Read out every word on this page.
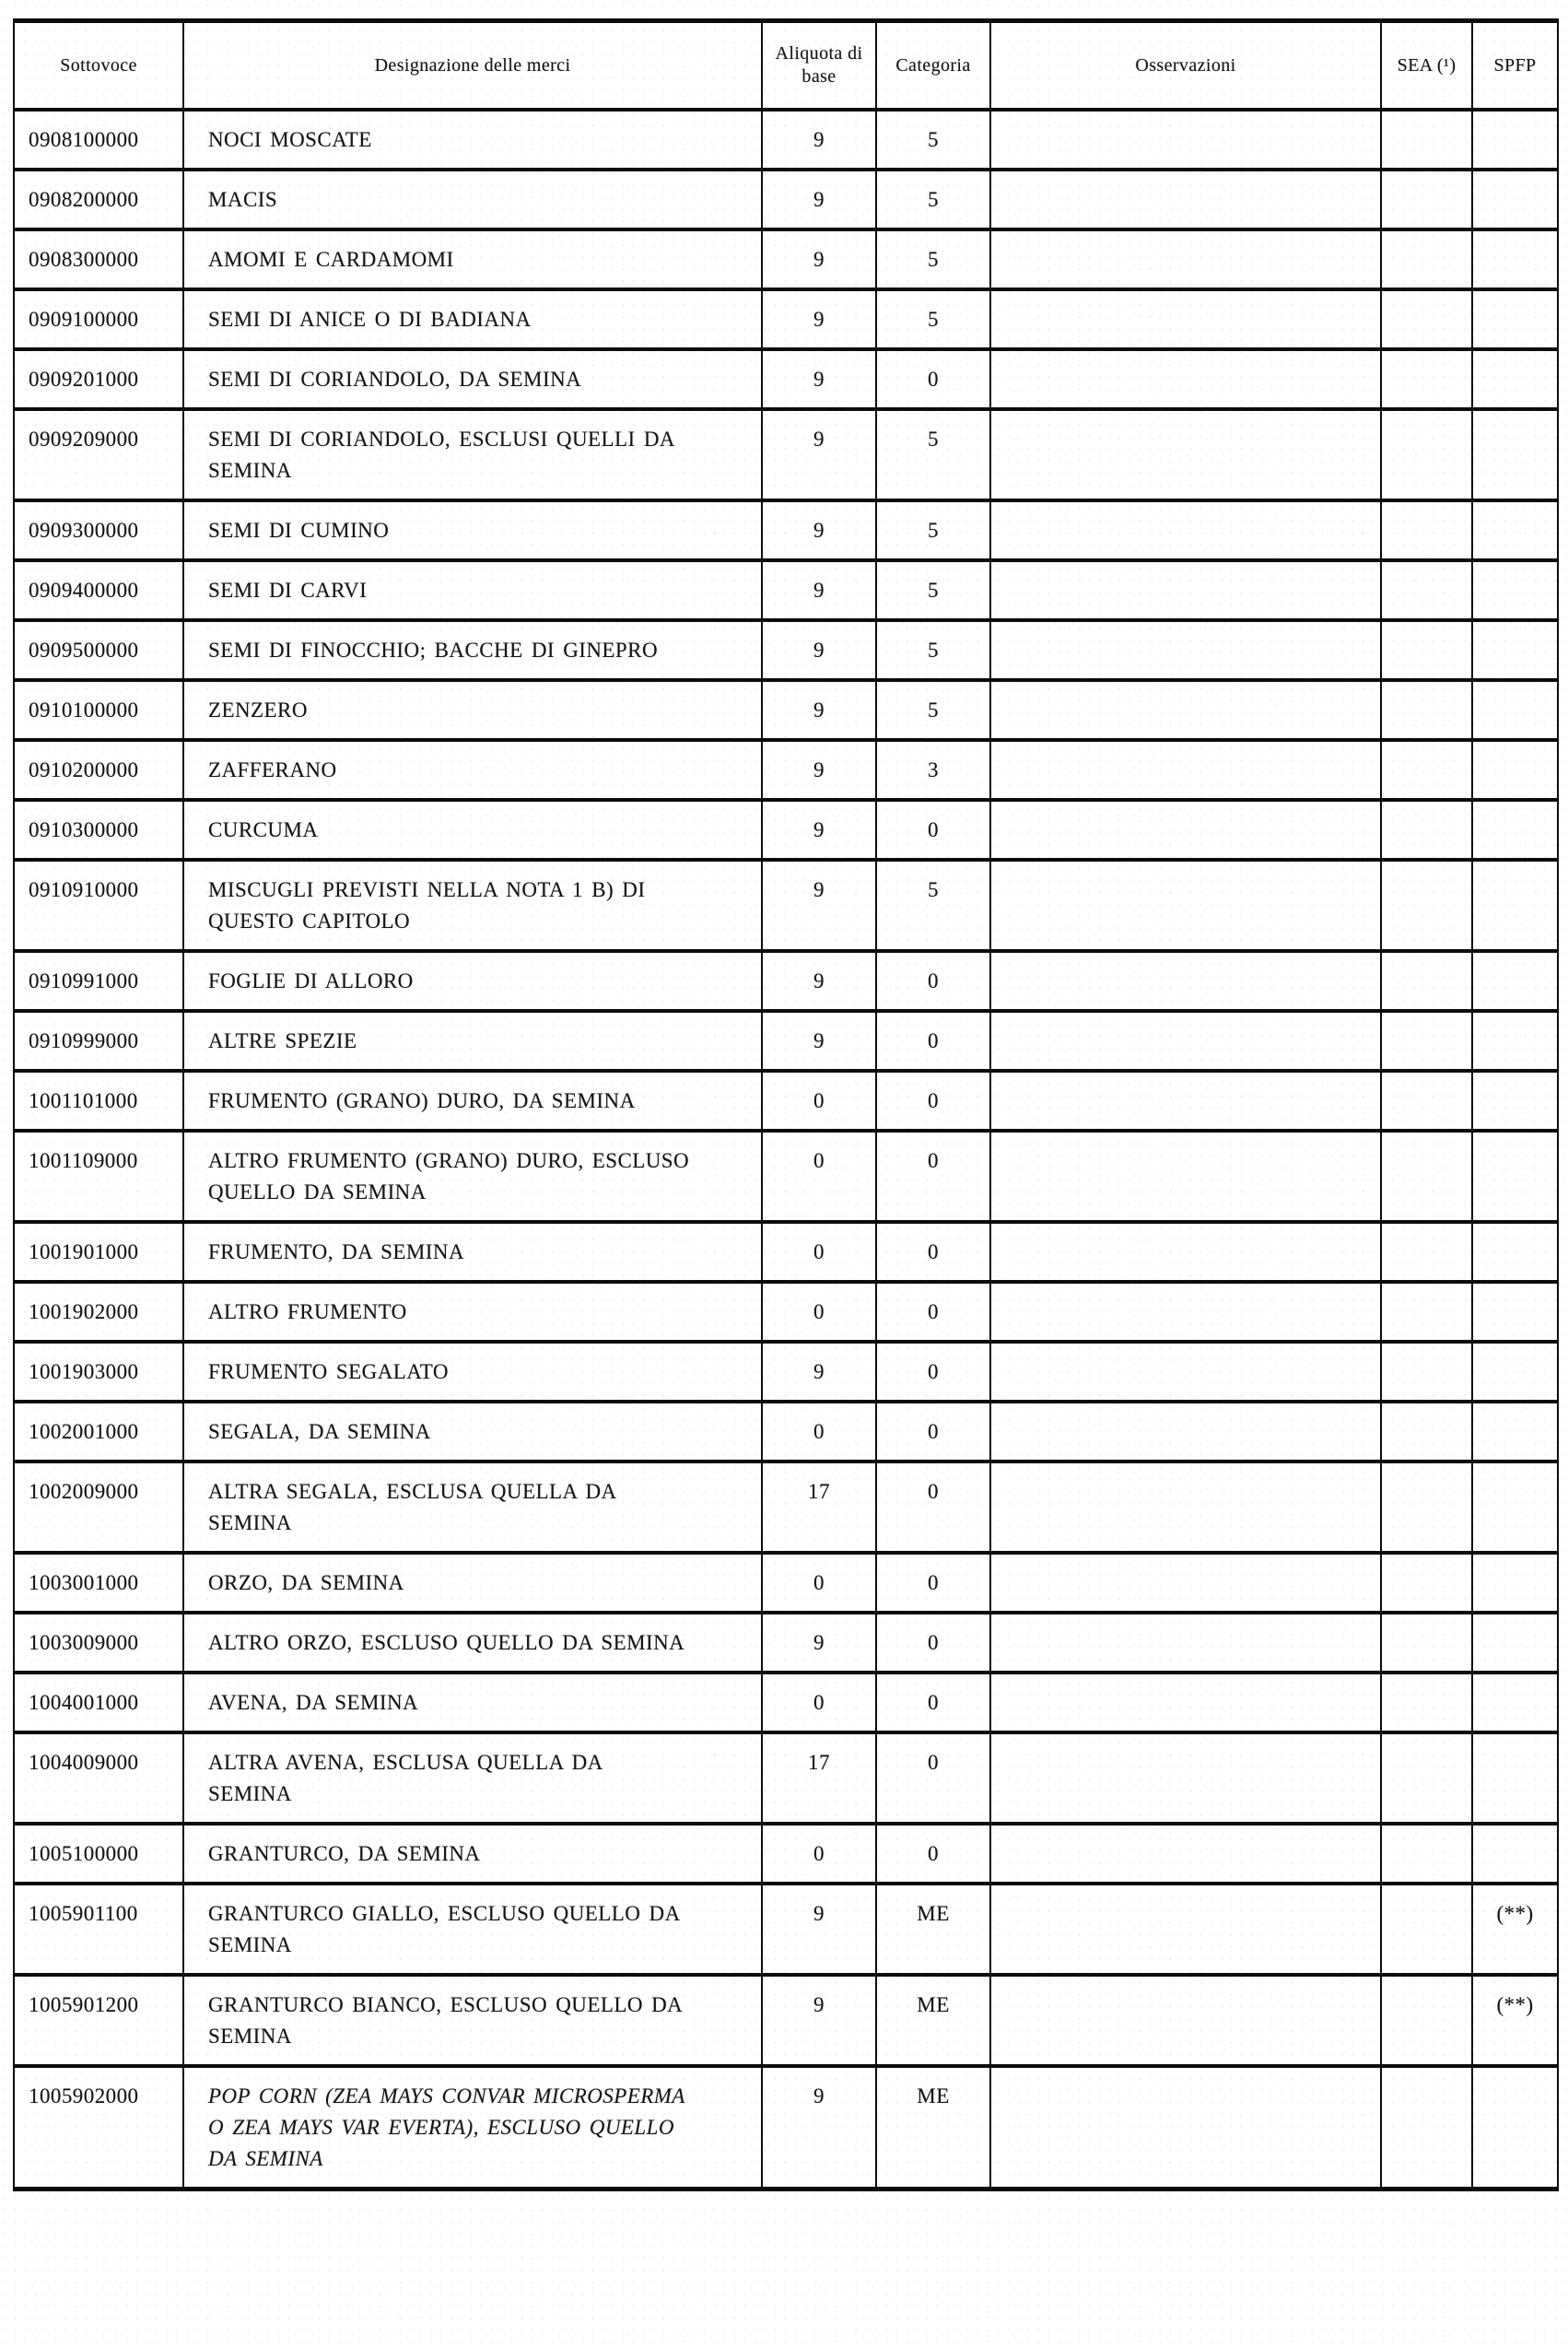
Sottovoce	Designazione delle merci	Aliquota di base	Categoria	Osservazioni	SEA (¹)	SPFP
0908100000	NOCI MOSCATE	9	5			
0908200000	MACIS	9	5			
0908300000	AMOMI E CARDAMOMI	9	5			
0909100000	SEMI DI ANICE O DI BADIANA	9	5			
0909201000	SEMI DI CORIANDOLO, DA SEMINA	9	0			
0909209000	SEMI DI CORIANDOLO, ESCLUSI QUELLI DA SEMINA	9	5			
0909300000	SEMI DI CUMINO	9	5			
0909400000	SEMI DI CARVI	9	5			
0909500000	SEMI DI FINOCCHIO; BACCHE DI GINEPRO	9	5			
0910100000	ZENZERO	9	5			
0910200000	ZAFFERANO	9	3			
0910300000	CURCUMA	9	0			
0910910000	MISCUGLI PREVISTI NELLA NOTA 1 B) DI QUESTO CAPITOLO	9	5			
0910991000	FOGLIE DI ALLORO	9	0			
0910999000	ALTRE SPEZIE	9	0			
1001101000	FRUMENTO (GRANO) DURO, DA SEMINA	0	0			
1001109000	ALTRO FRUMENTO (GRANO) DURO, ESCLUSO QUELLO DA SEMINA	0	0			
1001901000	FRUMENTO, DA SEMINA	0	0			
1001902000	ALTRO FRUMENTO	0	0			
1001903000	FRUMENTO SEGALATO	9	0			
1002001000	SEGALA, DA SEMINA	0	0			
1002009000	ALTRA SEGALA, ESCLUSA QUELLA DA SEMINA	17	0			
1003001000	ORZO, DA SEMINA	0	0			
1003009000	ALTRO ORZO, ESCLUSO QUELLO DA SEMINA	9	0			
1004001000	AVENA, DA SEMINA	0	0			
1004009000	ALTRA AVENA, ESCLUSA QUELLA DA SEMINA	17	0			
1005100000	GRANTURCO, DA SEMINA	0	0			
1005901100	GRANTURCO GIALLO, ESCLUSO QUELLO DA SEMINA	9	ME			(**)
1005901200	GRANTURCO BIANCO, ESCLUSO QUELLO DA SEMINA	9	ME			(**)
1005902000	POP CORN (ZEA MAYS CONVAR MICROSPERMA O ZEA MAYS VAR EVERTA), ESCLUSO QUELLO DA SEMINA	9	ME			
